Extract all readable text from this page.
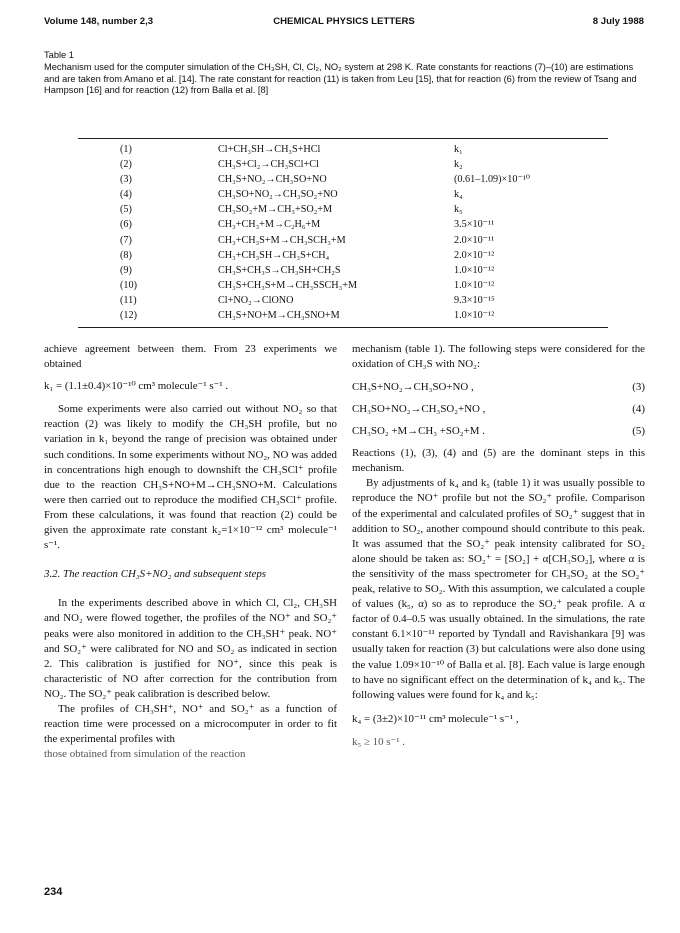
Volume 148, number 2,3	CHEMICAL PHYSICS LETTERS	8 July 1988
Table 1
Mechanism used for the computer simulation of the CH₃SH, Cl, Cl₂, NO₂ system at 298 K. Rate constants for reactions (7)–(10) are estimations and are taken from Amano et al. [14]. The rate constant for reaction (11) is taken from Leu [15], that for reaction (6) from the review of Tsang and Hampson [16] and for reaction (12) from Balla et al. [8]
(1)	Cl+CH₃SH→CH₃S+HCl	k₁
(2)	CH₃S+Cl₂→CH₃SCl+Cl	k₂
(3)	CH₃S+NO₂→CH₃SO+NO	(0.61–1.09)×10⁻¹⁰
(4)	CH₃SO+NO₂→CH₃SO₂+NO	k₄
(5)	CH₃SO₂+M→CH₃+SO₂+M	k₅
(6)	CH₃+CH₃+M→C₂H₆+M	3.5×10⁻¹¹
(7)	CH₃+CH₃S+M→CH₃SCH₃+M	2.0×10⁻¹¹
(8)	CH₃+CH₃SH→CH₃S+CH₄	2.0×10⁻¹²
(9)	CH₃S+CH₃S→CH₃SH+CH₂S	1.0×10⁻¹²
(10)	CH₃S+CH₃S+M→CH₃SSCH₃+M	1.0×10⁻¹²
(11)	Cl+NO₂→ClONO	9.3×10⁻¹⁵
(12)	CH₃S+NO+M→CH₃SNO+M	1.0×10⁻¹²

achieve agreement between them. From 23 experiments we obtained

k₁ = (1.1±0.4)×10⁻¹⁰ cm³ molecule⁻¹ s⁻¹ .

Some experiments were also carried out without NO₂ so that reaction (2) was likely to modify the CH₃SH profile, but no variation in k₁ beyond the range of precision was obtained under such conditions. In some experiments without NO₂, NO was added in concentrations high enough to downshift the CH₃SCl⁺ profile due to the reaction CH₃S+NO+M→CH₃SNO+M. Calculations were then carried out to reproduce the modified CH₃SCl⁺ profile. From these calculations, it was found that reaction (2) could be given the approximate rate constant k₂=1×10⁻¹² cm³ molecule⁻¹ s⁻¹.

3.2. The reaction CH₃S+NO₂ and subsequent steps

In the experiments described above in which Cl, Cl₂, CH₃SH and NO₂ were flowed together, the profiles of the NO⁺ and SO₂⁺ peaks were also monitored in addition to the CH₃SH⁺ peak. NO⁺ and SO₂⁺ were calibrated for NO and SO₂ as indicated in section 2. This calibration is justified for NO⁺, since this peak is characteristic of NO after correction for the contribution from NO₂. The SO₂⁺ peak calibration is described below.

The profiles of CH₃SH⁺, NO⁺ and SO₂⁺ as a function of reaction time were processed on a microcomputer in order to fit the experimental profiles with

those obtained from simulation of the reaction

mechanism (table 1). The following steps were considered for the oxidation of CH₃S with NO₂:

CH₃S+NO₂→CH₃SO+NO ,	(3)
CH₃SO+NO₂→CH₃SO₂+NO ,	(4)
CH₃SO₂ +M→CH₃ +SO₂+M .	(5)

Reactions (1), (3), (4) and (5) are the dominant steps in this mechanism.

By adjustments of k₄ and k₅ (table 1) it was usually possible to reproduce the NO⁺ profile but not the SO₂⁺ profile. Comparison of the experimental and calculated profiles of SO₂⁺ suggest that in addition to SO₂, another compound should contribute to this peak. It was assumed that the SO₂⁺ peak intensity calibrated for SO₂ alone should be taken as: SO₂⁺ = [SO₂] + α[CH₃SO₂], where α is the sensitivity of the mass spectrometer for CH₃SO₂ at the SO₂⁺ peak, relative to SO₂. With this assumption, we calculated a couple of values (k₅, α) so as to reproduce the SO₂⁺ peak profile. A α factor of 0.4–0.5 was usually obtained. In the simulations, the rate constant 6.1×10⁻¹¹ reported by Tyndall and Ravishankara [9] was usually taken for reaction (3) but calculations were also done using the value 1.09×10⁻¹⁰ of Balla et al. [8]. Each value is large enough to have no significant effect on the determination of k₄ and k₅. The following values were found for k₄ and k₅:

k₄ = (3±2)×10⁻¹¹ cm³ molecule⁻¹ s⁻¹ ,

k₅ ≥ 10 s⁻¹ .

234
